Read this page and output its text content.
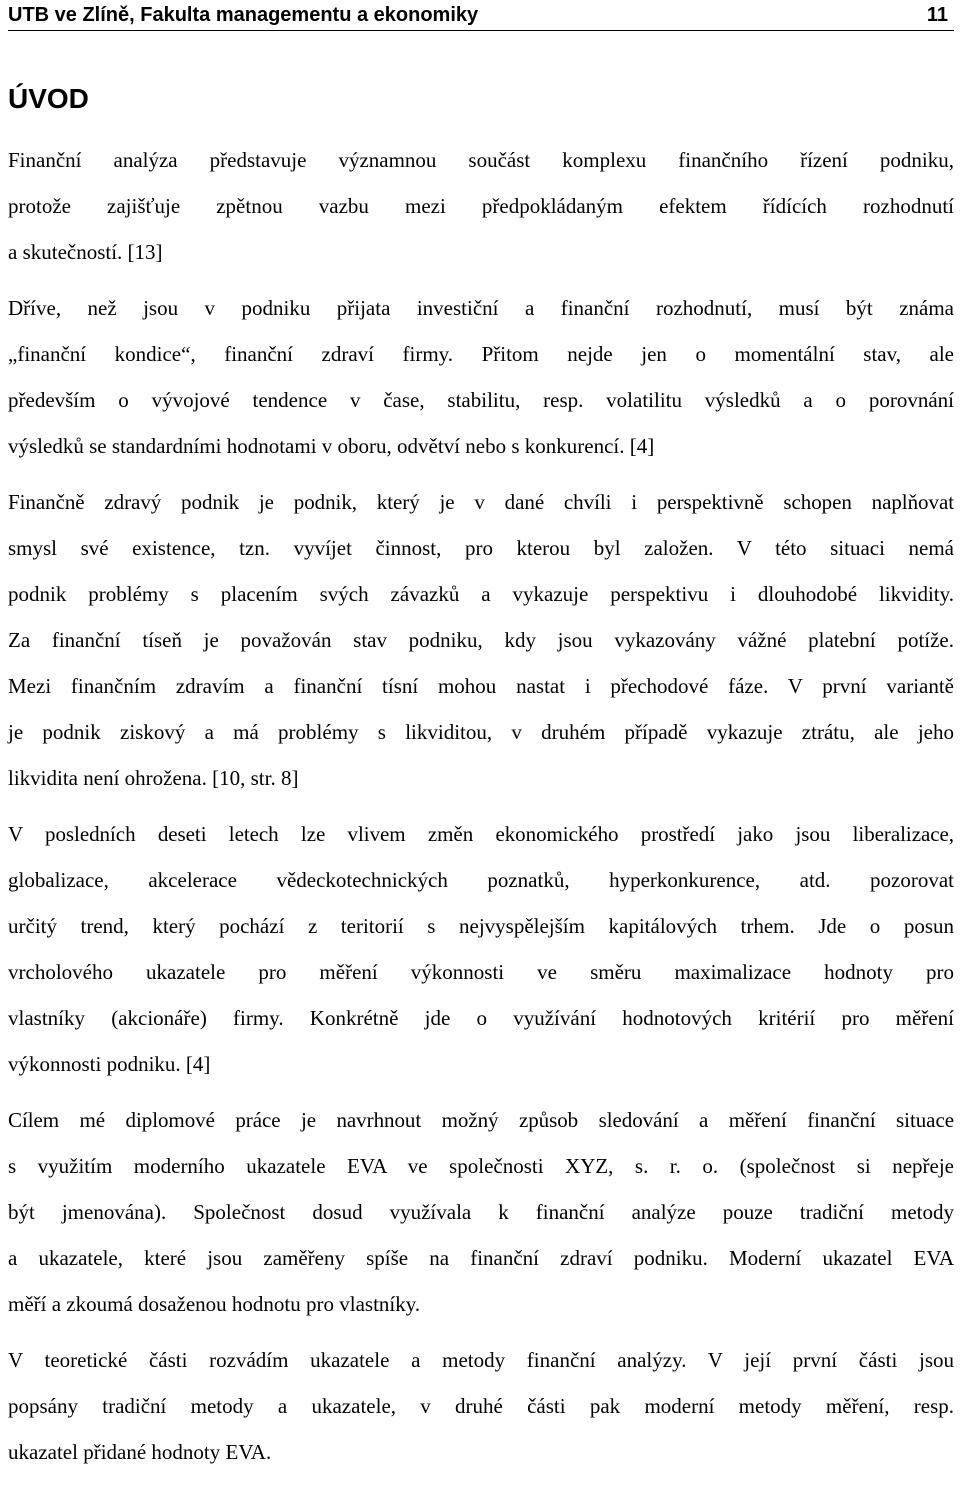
UTB ve Zlíně, Fakulta managementu a ekonomiky	11
ÚVOD

Finanční analýza představuje významnou součást komplexu finančního řízení podniku,
protože zajišťuje zpětnou vazbu mezi předpokládaným efektem řídících rozhodnutí
a skutečností. [13]

Dříve, než jsou v podniku přijata investiční a finanční rozhodnutí, musí být známa
„finanční kondice“, finanční zdraví firmy. Přitom nejde jen o momentální stav, ale
především o vývojové tendence v čase, stabilitu, resp. volatilitu výsledků a o porovnání
výsledků se standardními hodnotami v oboru, odvětví nebo s konkurencí. [4]

Finančně zdravý podnik je podnik, který je v dané chvíli i perspektivně schopen naplňovat
smysl své existence, tzn. vyvíjet činnost, pro kterou byl založen. V této situaci nemá
podnik problémy s placením svých závazků a vykazuje perspektivu i dlouhodobé likvidity.
Za finanční tíseň je považován stav podniku, kdy jsou vykazovány vážné platební potíže.
Mezi finančním zdravím a finanční tísní mohou nastat i přechodové fáze. V první variantě
je podnik ziskový a má problémy s likviditou, v druhém případě vykazuje ztrátu, ale jeho
likvidita není ohrožena. [10, str. 8]

V posledních deseti letech lze vlivem změn ekonomického prostředí jako jsou liberalizace,
globalizace, akcelerace vědeckotechnických poznatků, hyperkonkurence, atd. pozorovat
určitý trend, který pochází z teritorií s nejvyspělejším kapitálových trhem. Jde o posun
vrcholového ukazatele pro měření výkonnosti ve směru maximalizace hodnoty pro
vlastníky (akcionáře) firmy. Konkrétně jde o využívání hodnotových kritérií pro měření
výkonnosti podniku. [4]

Cílem mé diplomové práce je navrhnout možný způsob sledování a měření finanční situace
s využitím moderního ukazatele EVA ve společnosti XYZ, s. r. o. (společnost si nepřeje
být jmenována). Společnost dosud využívala k finanční analýze pouze tradiční metody
a ukazatele, které jsou zaměřeny spíše na finanční zdraví podniku. Moderní ukazatel EVA
měří a zkoumá dosaženou hodnotu pro vlastníky.

V teoretické části rozvádím ukazatele a metody finanční analýzy. V její první části jsou
popsány tradiční metody a ukazatele, v druhé části pak moderní metody měření, resp.
ukazatel přidané hodnoty EVA.
